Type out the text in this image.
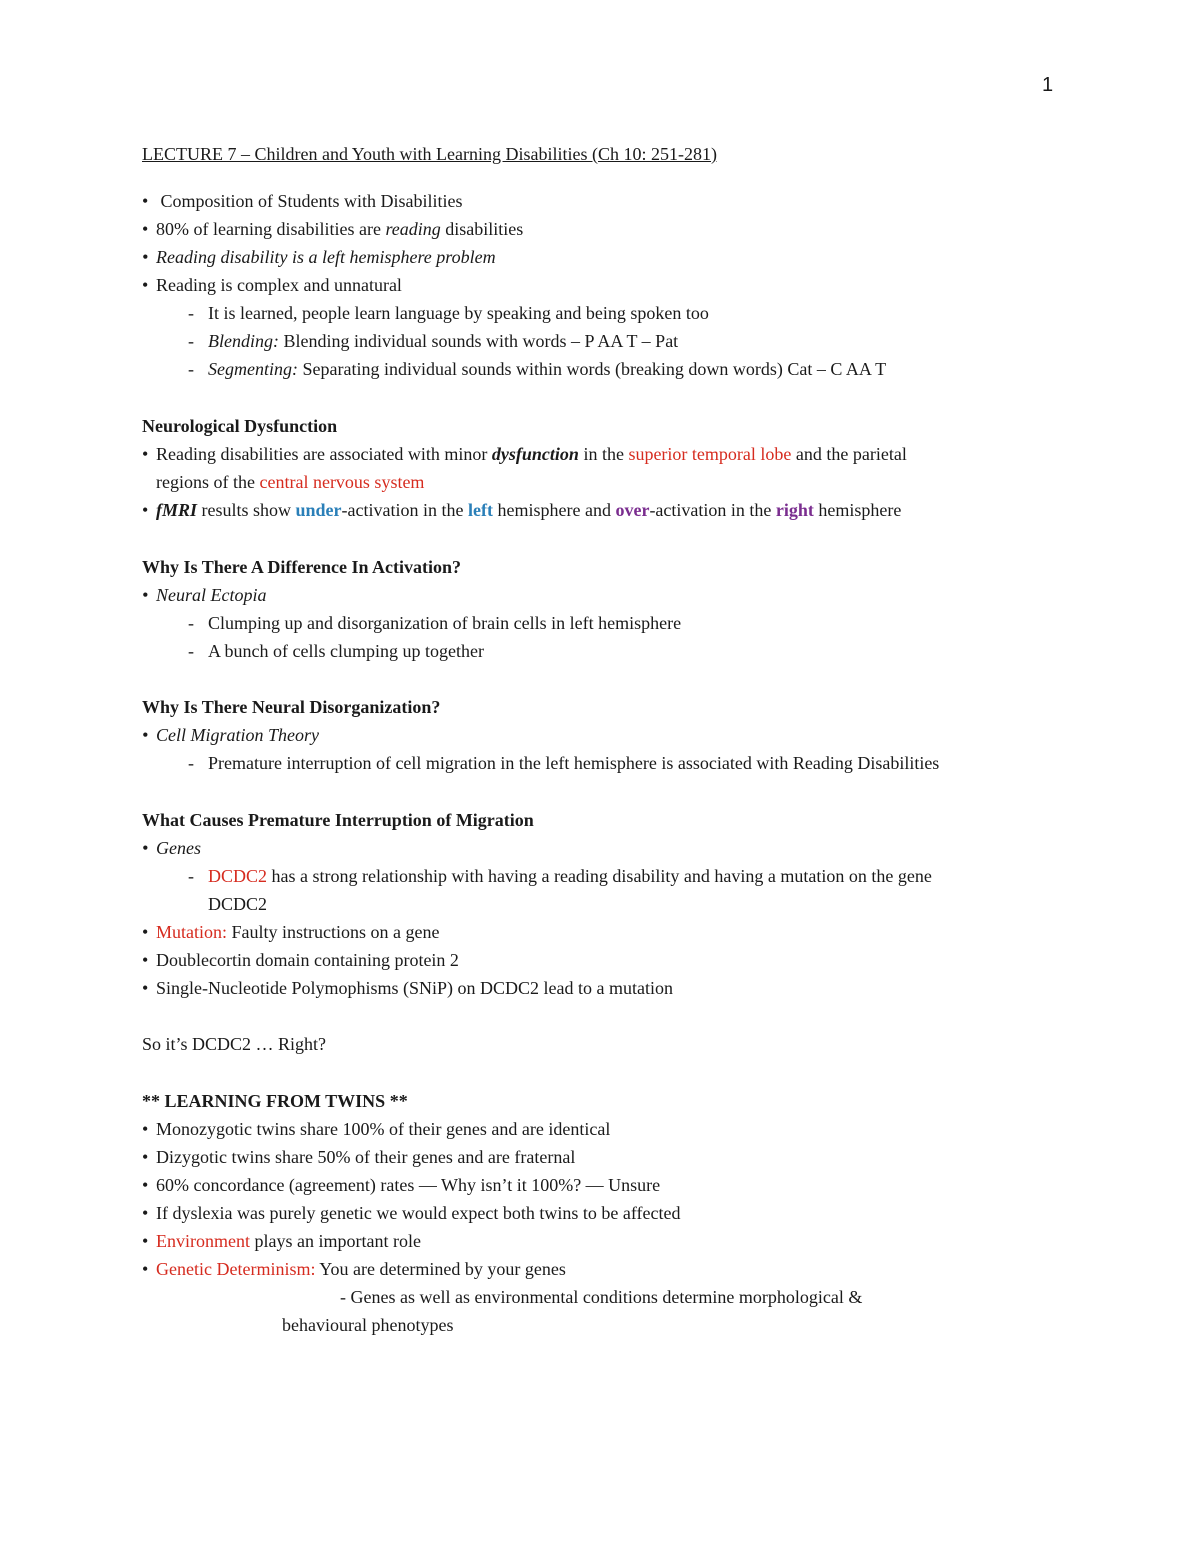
1
LECTURE 7 – Children and Youth with Learning Disabilities (Ch 10: 251-281)
• Composition of Students with Disabilities
• 80% of learning disabilities are reading disabilities
• Reading disability is a left hemisphere problem
• Reading is complex and unnatural
- It is learned, people learn language by speaking and being spoken too
- Blending: Blending individual sounds with words – P AA T – Pat
- Segmenting: Separating individual sounds within words (breaking down words) Cat – C AA T
Neurological Dysfunction
• Reading disabilities are associated with minor dysfunction in the superior temporal lobe and the parietal
regions of the central nervous system
• fMRI results show under-activation in the left hemisphere and over-activation in the right hemisphere
Why Is There A Difference In Activation?
• Neural Ectopia
- Clumping up and disorganization of brain cells in left hemisphere
- A bunch of cells clumping up together
Why Is There Neural Disorganization?
• Cell Migration Theory
- Premature interruption of cell migration in the left hemisphere is associated with Reading Disabilities
What Causes Premature Interruption of Migration
• Genes
- DCDC2 has a strong relationship with having a reading disability and having a mutation on the gene
DCDC2
• Mutation: Faulty instructions on a gene
• Doublecortin domain containing protein 2
• Single-Nucleotide Polymophisms (SNiP) on DCDC2 lead to a mutation
So it’s DCDC2 … Right?
** LEARNING FROM TWINS **
• Monozygotic twins share 100% of their genes and are identical
• Dizygotic twins share 50% of their genes and are fraternal
• 60% concordance (agreement) rates — Why isn’t it 100%? — Unsure
• If dyslexia was purely genetic we would expect both twins to be affected
• Environment plays an important role
• Genetic Determinism: You are determined by your genes
- Genes as well as environmental conditions determine morphological &
behavioural phenotypes
